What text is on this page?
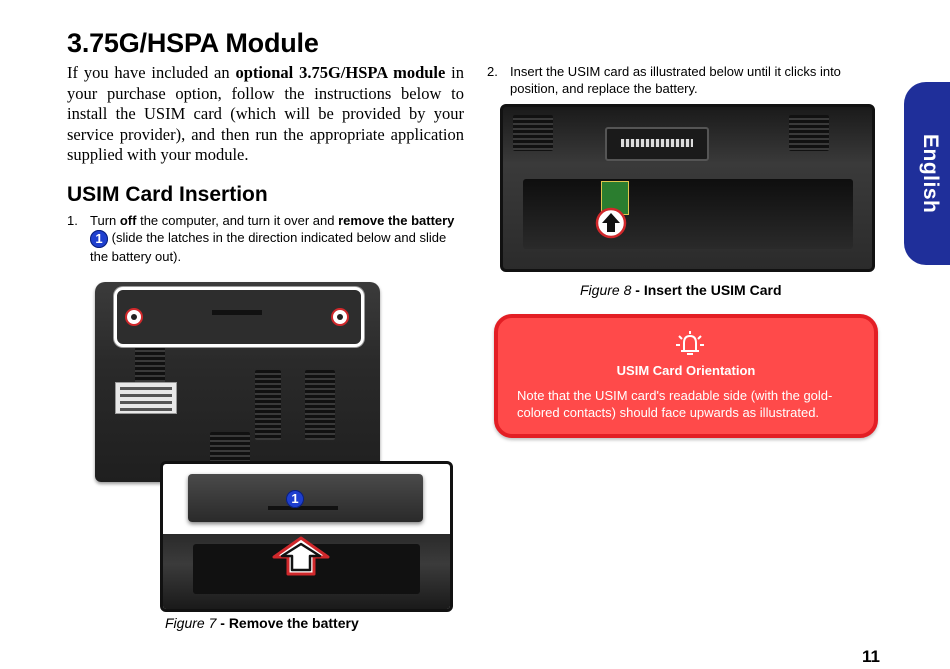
3.75G/HSPA Module

If you have included an optional 3.75G/HSPA module in your purchase option, follow the instructions below to install the USIM card (which will be provided by your service provider), and then run the appropriate application supplied with your module.

USIM Card Insertion
1. Turn off the computer, and turn it over and remove the battery
1 (slide the latches in the direction indicated below and slide the battery out).
1
Figure 7 - Remove the battery
2. Insert the USIM card as illustrated below until it clicks into position, and replace the battery.
Figure 8 - Insert the USIM Card
USIM Card Orientation
Note that the USIM card's readable side (with the gold-colored contacts) should face upwards as illustrated.
English
11
